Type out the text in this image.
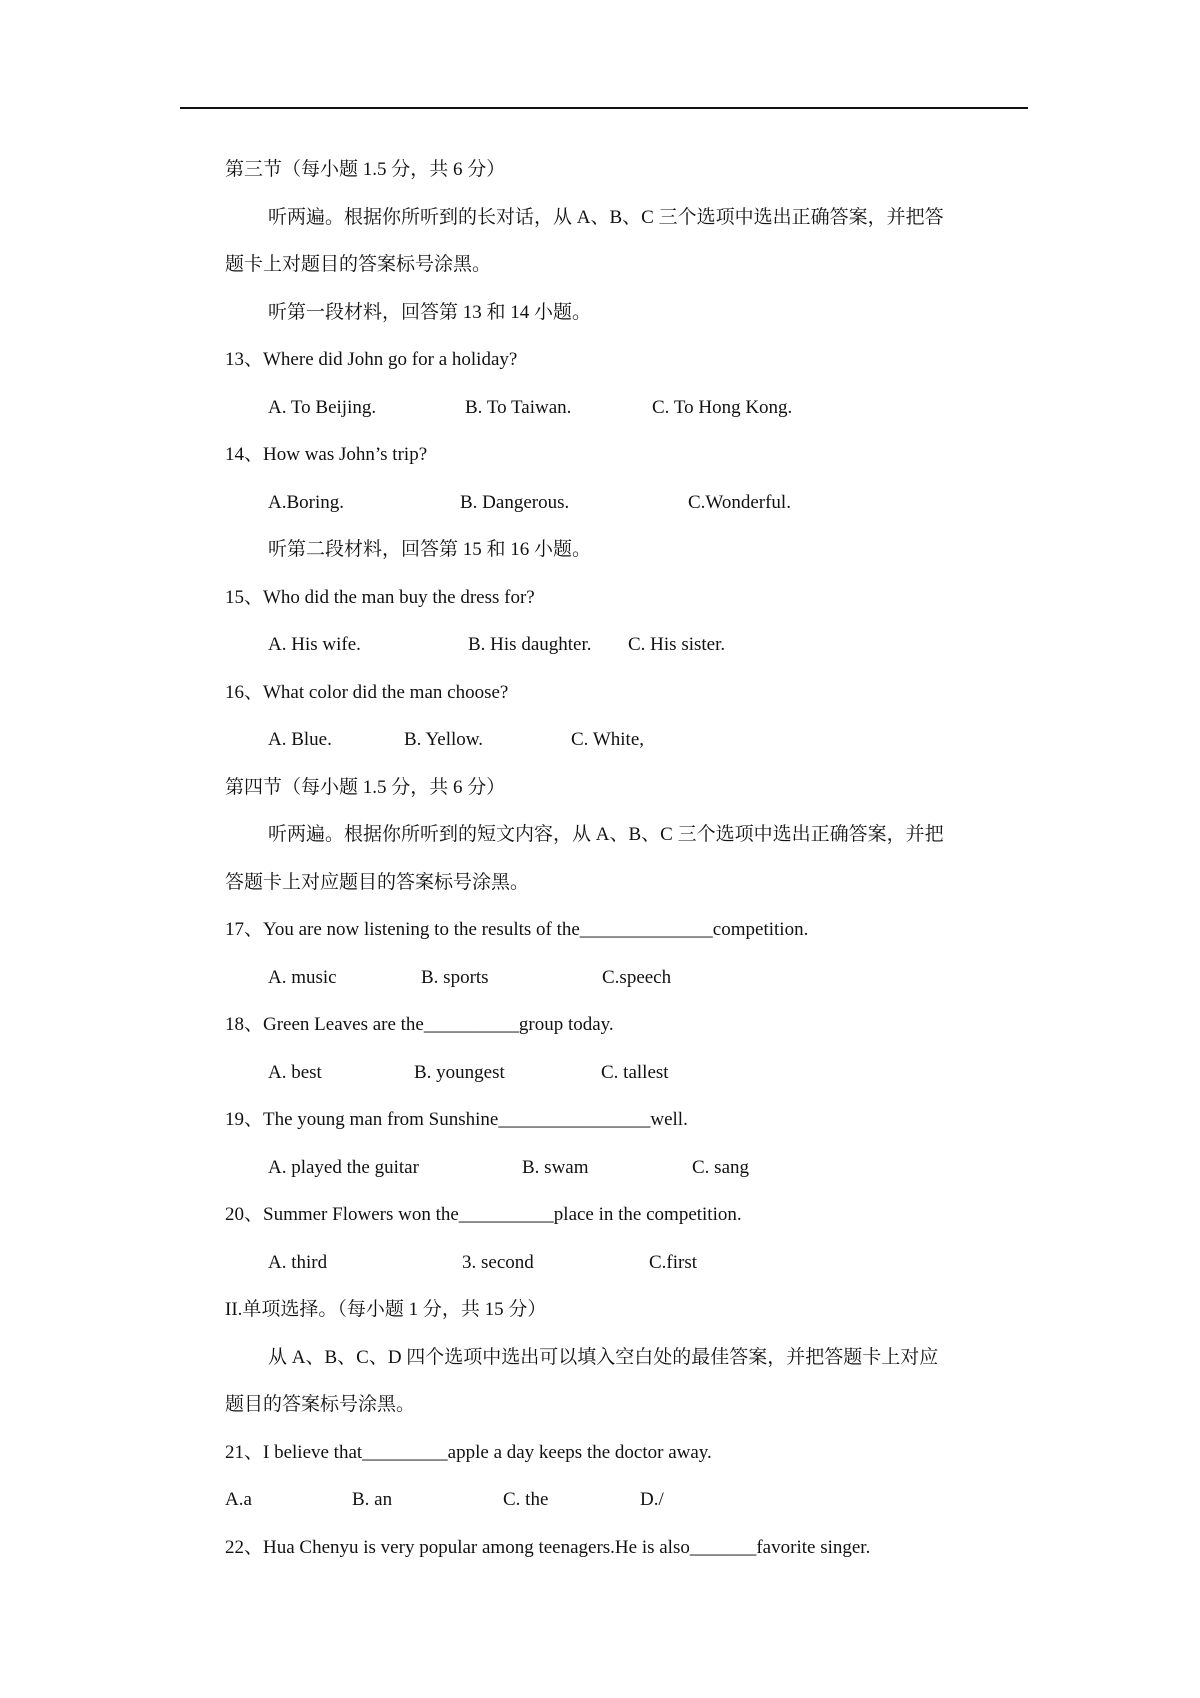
第三节（每小题 1.5 分，共 6 分）
听两遍。根据你所听到的长对话，从 A、B、C 三个选项中选出正确答案，并把答
题卡上对题目的答案标号涂黑。
听第一段材料，回答第 13 和 14 小题。
13、Where did John go for a holiday?
A. To Beijing.	B. To Taiwan.	C. To Hong Kong.
14、How was John’s trip?
A.Boring.	B. Dangerous.	C.Wonderful.
听第二段材料，回答第 15 和 16 小题。
15、Who did the man buy the dress for?
A. His wife.	B. His daughter. C. His sister.
16、What color did the man choose?
A. Blue.	B. Yellow.	C. White,
第四节（每小题 1.5 分，共 6 分）
听两遍。根据你所听到的短文内容，从 A、B、C 三个选项中选出正确答案，并把
答题卡上对应题目的答案标号涂黑。
17、You are now listening to the results of the______________competition.
A. music	B. sports	C.speech
18、Green Leaves are the__________group today.
A. best	B. youngest	C. tallest
19、The young man from Sunshine________________well.
A. played the guitar	B. swam	C. sang
20、Summer Flowers won the__________place in the competition.
A. third	3. second	C.first
II.单项选择。（每小题 1 分，共 15 分）
从 A、B、C、D 四个选项中选出可以填入空白处的最佳答案，并把答题卡上对应
题目的答案标号涂黑。
21、I believe that_________apple a day keeps the doctor away.
A.a	B. an	C. the	D./
22、Hua Chenyu is very popular among teenagers.He is also_______favorite singer.
